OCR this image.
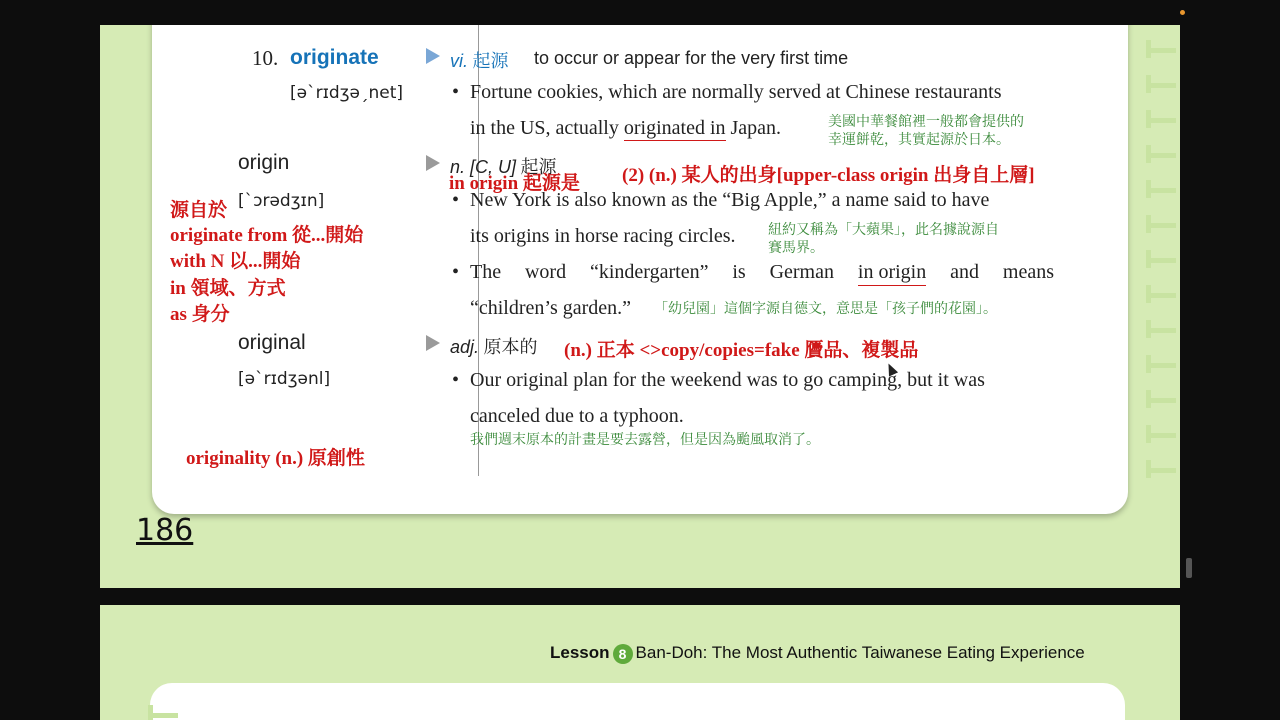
10. originate

[ə`rɪdʒəˏnet]

vi. 起源 to occur or appear for the very first time

• Fortune cookies, which are normally served at Chinese restaurants

in the US, actually originated in Japan.	美國中華餐館裡一般都會提供的

幸運餅乾，其實起源於日本。

origin	n. [C, U] 起源

in origin 起源是 (2) (n.) 某人的出身[upper-class origin 出身自上層]

[`ɔrədʒɪn]

源自於

originate from 從...開始

with N 以...開始

in 領域、方式

as 身分

• New York is also known as the “Big Apple,” a name said to have

its origins in horse racing circles. 紐約又稱為「大蘋果」，此名據說源自

賽馬界。

• The word “kindergarten” is German in origin and means

“children’s garden.” 「幼兒園」這個字源自德文，意思是「孩子們的花園」。

original	adj. 原本的 (n.) 正本 <>copy/copies=fake 贗品、複製品

[ə`rɪdʒənl]	• Our original plan for the weekend was to go camping, but it was

canceled due to a typhoon.

我們週末原本的計畫是要去露營，但是因為颱風取消了。

originality (n.) 原創性

186
Lesson 8 Ban-Doh: The Most Authentic Taiwanese Eating Experience
